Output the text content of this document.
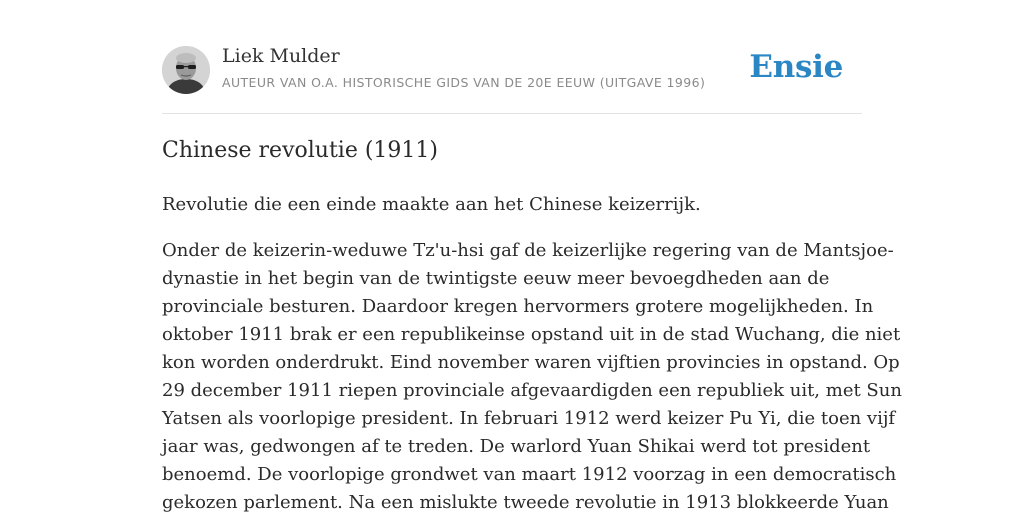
Liek Mulder
AUTEUR VAN O.A. HISTORISCHE GIDS VAN DE 20E EEUW (UITGAVE 1996) Ensie
Chinese revolutie (1911)

Revolutie die een einde maakte aan het Chinese keizerrijk.

Onder de keizerin-weduwe Tz'u-hsi gaf de keizerlijke regering van de Mantsjoe-
dynastie in het begin van de twintigste eeuw meer bevoegdheden aan de
provinciale besturen. Daardoor kregen hervormers grotere mogelijkheden. In
oktober 1911 brak er een republikeinse opstand uit in de stad Wuchang, die niet
kon worden onderdrukt. Eind november waren vijftien provincies in opstand. Op
29 december 1911 riepen provinciale afgevaardigden een republiek uit, met Sun
Yatsen als voorlopige president. In februari 1912 werd keizer Pu Yi, die toen vijf
jaar was, gedwongen af te treden. De warlord Yuan Shikai werd tot president
benoemd. De voorlopige grondwet van maart 1912 voorzag in een democratisch
gekozen parlement. Na een mislukte tweede revolutie in 1913 blokkeerde Yuan
